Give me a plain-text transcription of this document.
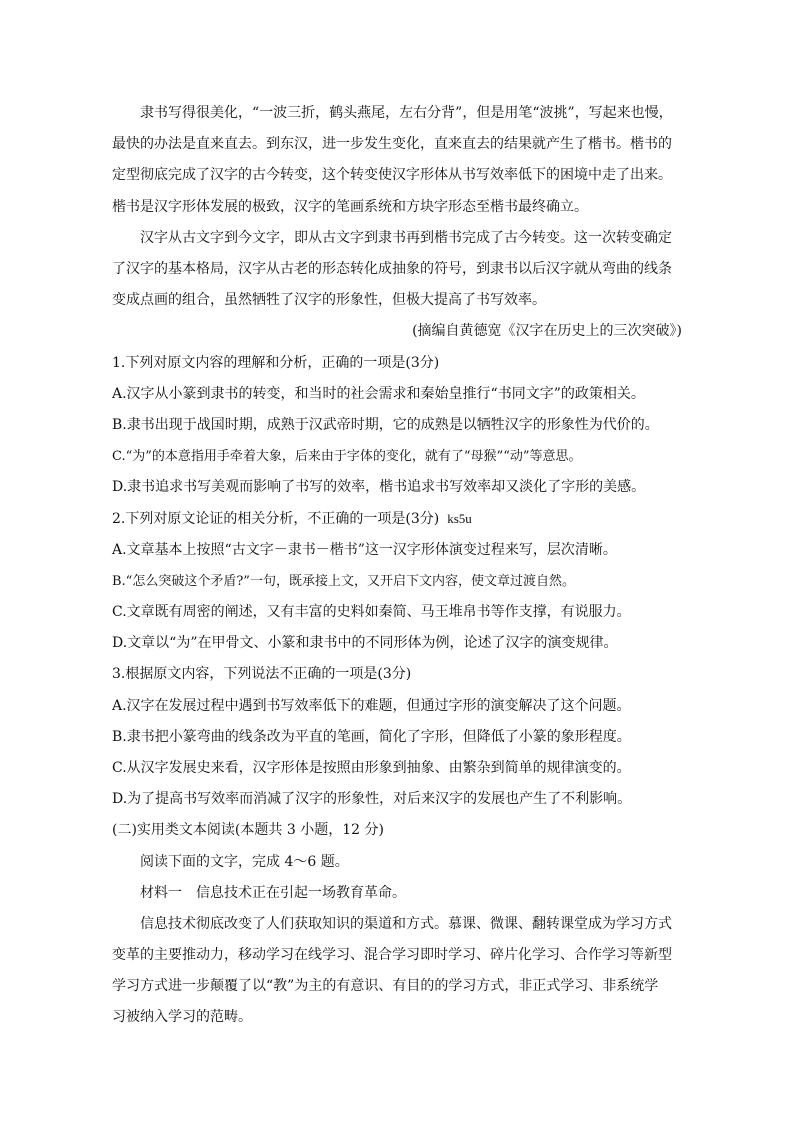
隶书写得很美化，“一波三折，鹤头燕尾，左右分背”，但是用笔“波挑”，写起来也慢，
最快的办法是直来直去。到东汉，进一步发生变化，直来直去的结果就产生了楷书。楷书的
定型彻底完成了汉字的古今转变，这个转变使汉字形体从书写效率低下的困境中走了出来。
楷书是汉字形体发展的极致，汉字的笔画系统和方块字形态至楷书最终确立。
汉字从古文字到今文字，即从古文字到隶书再到楷书完成了古今转变。这一次转变确定
了汉字的基本格局，汉字从古老的形态转化成抽象的符号，到隶书以后汉字就从弯曲的线条
变成点画的组合，虽然牺牲了汉字的形象性，但极大提高了书写效率。
(摘编自黄德宽《汉字在历史上的三次突破》)
1.下列对原文内容的理解和分析，正确的一项是(3分)
A.汉字从小篆到隶书的转变，和当时的社会需求和秦始皇推行“书同文字”的政策相关。
B.隶书出现于战国时期，成熟于汉武帝时期，它的成熟是以牺牲汉字的形象性为代价的。
C.“为”的本意指用手牵着大象，后来由于字体的变化，就有了“母猴”“动”等意思。
D.隶书追求书写美观而影响了书写的效率，楷书追求书写效率却又淡化了字形的美感。
2.下列对原文论证的相关分析，不正确的一项是(3分) ks5u
A.文章基本上按照“古文字－隶书－楷书”这一汉字形体演变过程来写，层次清晰。
B.“怎么突破这个矛盾?”一句，既承接上文，又开启下文内容，使文章过渡自然。
C.文章既有周密的阐述，又有丰富的史料如秦简、马王堆帛书等作支撑，有说服力。
D.文章以“为”在甲骨文、小篆和隶书中的不同形体为例，论述了汉字的演变规律。
3.根据原文内容，下列说法不正确的一项是(3分)
A.汉字在发展过程中遇到书写效率低下的难题，但通过字形的演变解决了这个问题。
B.隶书把小篆弯曲的线条改为平直的笔画，简化了字形，但降低了小篆的象形程度。
C.从汉字发展史来看，汉字形体是按照由形象到抽象、由繁杂到简单的规律演变的。
D.为了提高书写效率而消减了汉字的形象性，对后来汉字的发展也产生了不利影响。
(二)实用类文本阅读(本题共 3 小题，12 分)
阅读下面的文字，完成 4～6 题。
材料一　信息技术正在引起一场教育革命。
信息技术彻底改变了人们获取知识的渠道和方式。慕课、微课、翻转课堂成为学习方式
变革的主要推动力，移动学习在线学习、混合学习即时学习、碎片化学习、合作学习等新型
学习方式进一步颠覆了以“教”为主的有意识、有目的的学习方式，非正式学习、非系统学
习被纳入学习的范畴。
